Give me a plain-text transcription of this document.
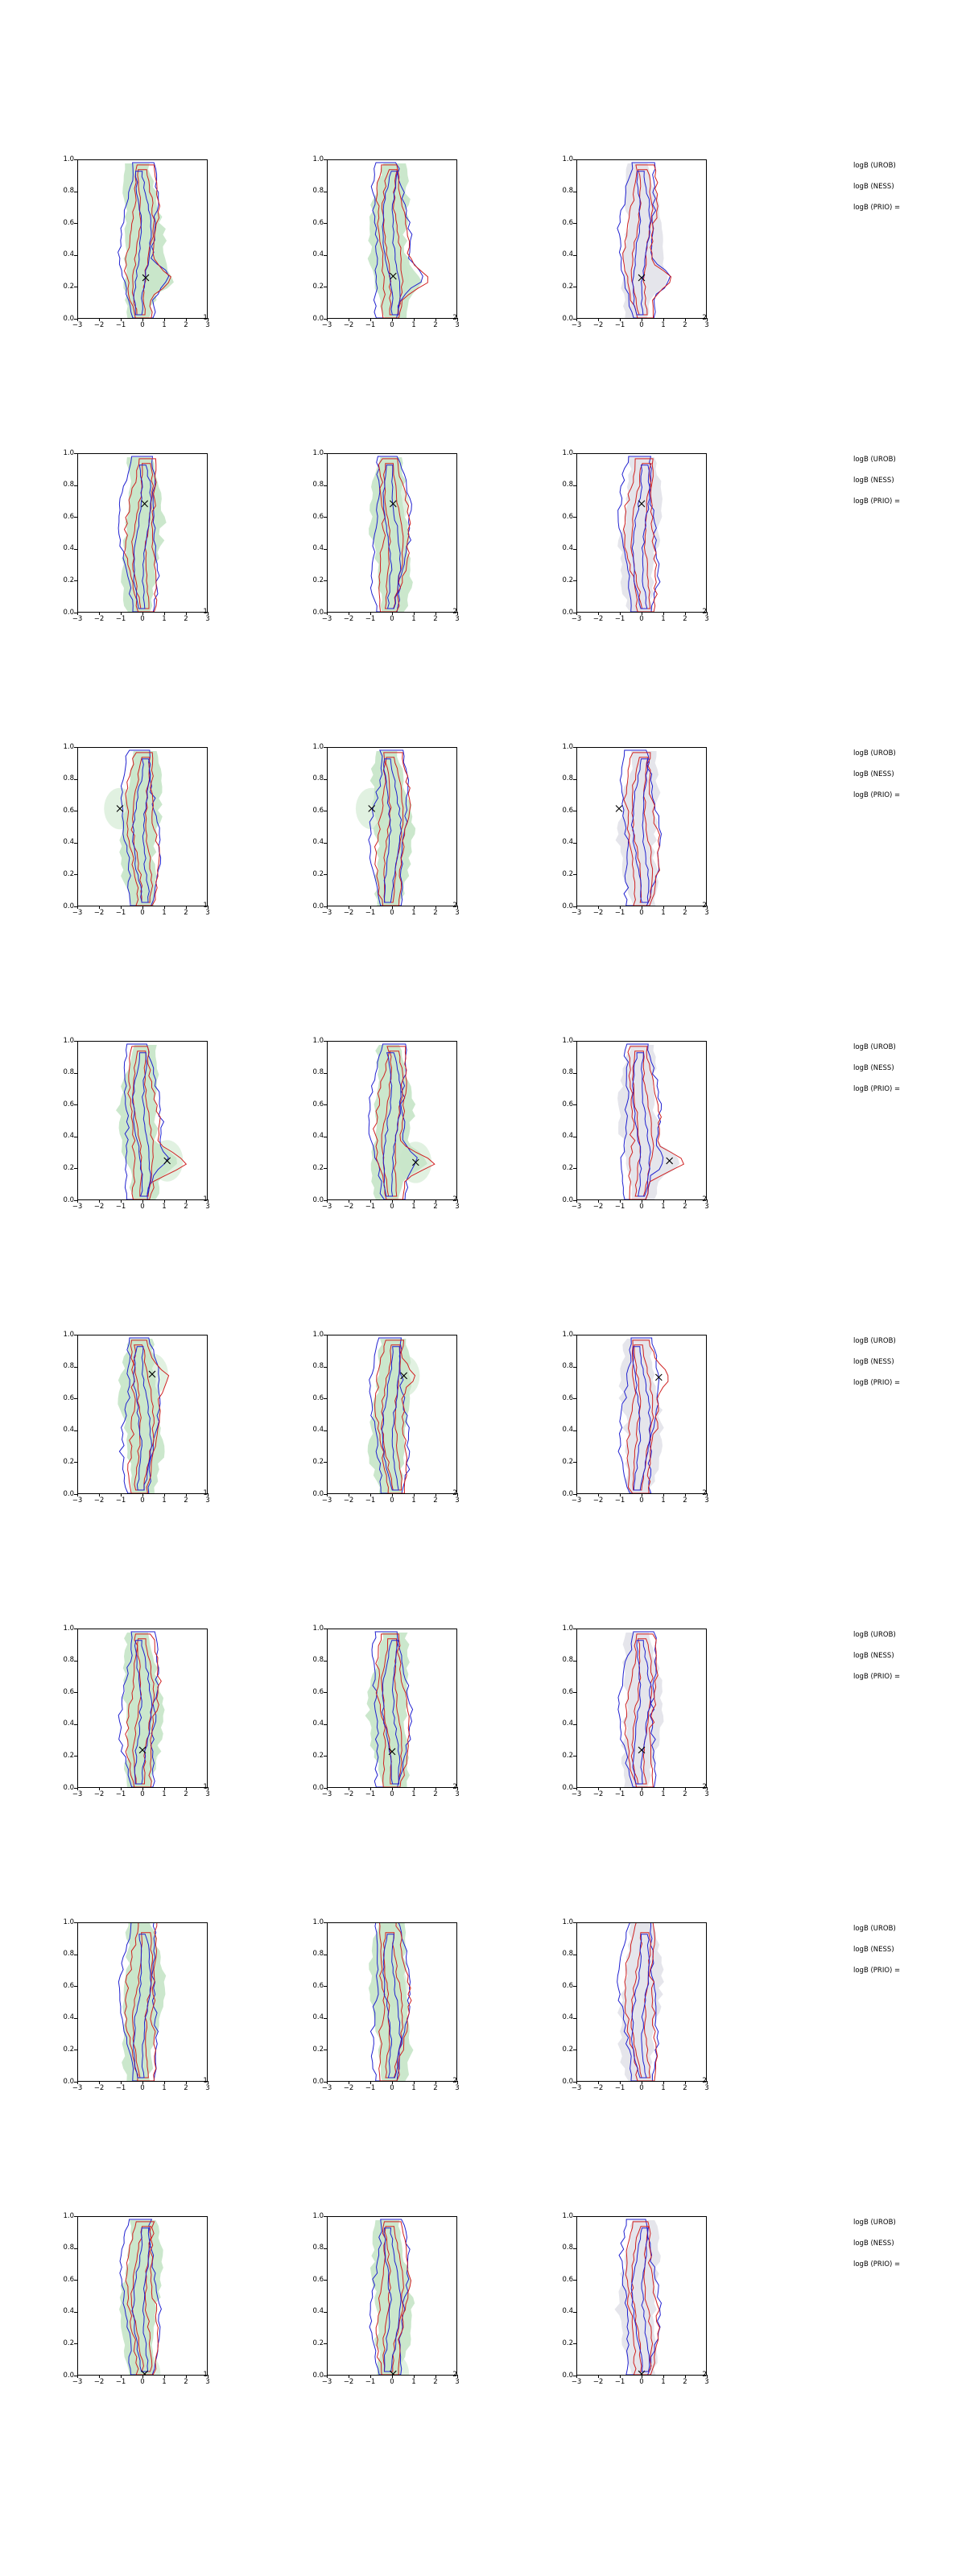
0.0
0.2
0.4
0.6
0.8
1.0
−3	−2	−1	0	1	2	3
1	0.0
0.2
0.4
0.6
0.8
1.0
−3	−2	−1	0	1	2	3
2	0.0
0.2
0.4
0.6
0.8
1.0
−3	−2	−1	0	1	2	3
2
logB (UROB)
logB (NESS)
logB (PRIO) =
0.0
0.2
0.4
0.6
0.8
1.0
−3	−2	−1	0	1	2	3
1	0.0
0.2
0.4
0.6
0.8
1.0
−3	−2	−1	0	1	2	3
2	0.0
0.2
0.4
0.6
0.8
1.0
−3	−2	−1	0	1	2	3
2
logB (UROB)
logB (NESS)
logB (PRIO) =
0.0
0.2
0.4
0.6
0.8
1.0
−3	−2	−1	0	1	2	3
1	0.0
0.2
0.4
0.6
0.8
1.0
−3	−2	−1	0	1	2	3
2	0.0
0.2
0.4
0.6
0.8
1.0
−3	−2	−1	0	1	2	3
2
logB (UROB)
logB (NESS)
logB (PRIO) =
0.0
0.2
0.4
0.6
0.8
1.0
−3	−2	−1	0	1	2	3
1	0.0
0.2
0.4
0.6
0.8
1.0
−3	−2	−1	0	1	2	3
2	0.0
0.2
0.4
0.6
0.8
1.0
−3	−2	−1	0	1	2	3
2
logB (UROB)
logB (NESS)
logB (PRIO) =
0.0
0.2
0.4
0.6
0.8
1.0
−3	−2	−1	0	1	2	3
1	0.0
0.2
0.4
0.6
0.8
1.0
−3	−2	−1	0	1	2	3
2	0.0
0.2
0.4
0.6
0.8
1.0
−3	−2	−1	0	1	2	3
2
logB (UROB)
logB (NESS)
logB (PRIO) =
0.0
0.2
0.4
0.6
0.8
1.0
−3	−2	−1	0	1	2	3
1	0.0
0.2
0.4
0.6
0.8
1.0
−3	−2	−1	0	1	2	3
2	0.0
0.2
0.4
0.6
0.8
1.0
−3	−2	−1	0	1	2	3
2
logB (UROB)
logB (NESS)
logB (PRIO) =
0.0
0.2
0.4
0.6
0.8
1.0
−3	−2	−1	0	1	2	3
1	0.0
0.2
0.4
0.6
0.8
1.0
−3	−2	−1	0	1	2	3
2	0.0
0.2
0.4
0.6
0.8
1.0
−3	−2	−1	0	1	2	3
2
logB (UROB)
logB (NESS)
logB (PRIO) =
0.0
0.2
0.4
0.6
0.8
1.0
−3	−2	−1	0	1	2	3
1	0.0
0.2
0.4
0.6
0.8
1.0
−3	−2	−1	0	1	2	3
2	0.0
0.2
0.4
0.6
0.8
1.0
−3	−2	−1	0	1	2	3
2
logB (UROB)
logB (NESS)
logB (PRIO) =
